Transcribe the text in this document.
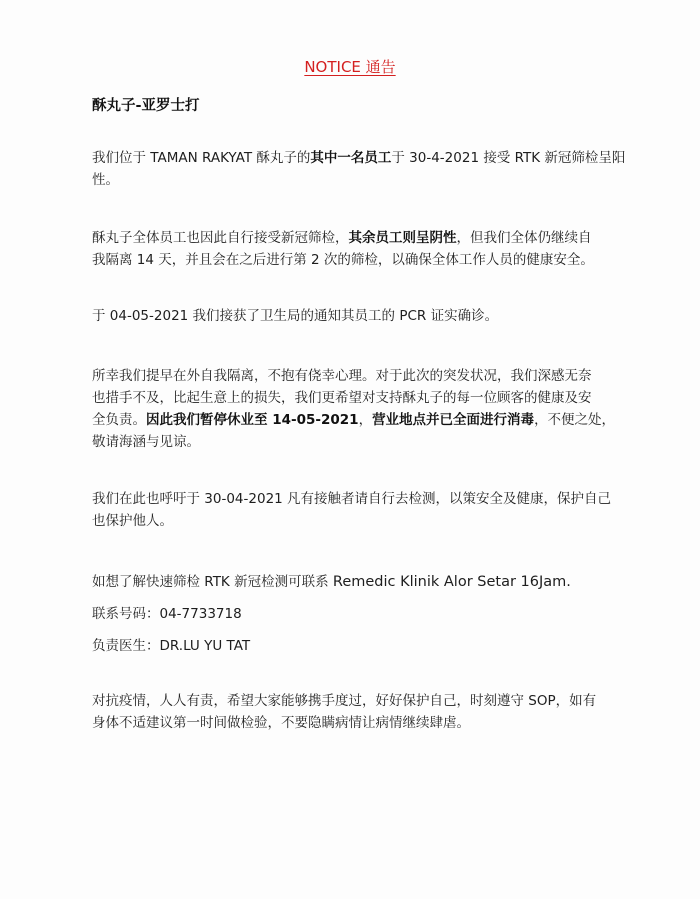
NOTICE 通告
酥丸子-亚罗士打
我们位于 TAMAN RAKYAT 酥丸子的其中一名员工于 30-4-2021 接受 RTK 新冠筛检呈阳
性。
酥丸子全体员工也因此自行接受新冠筛检，其余员工则呈阴性，但我们全体仍继续自
我隔离 14 天，并且会在之后进行第 2 次的筛检，以确保全体工作人员的健康安全。
于 04-05-2021 我们接获了卫生局的通知其员工的 PCR 证实确诊。
所幸我们提早在外自我隔离，不抱有侥幸心理。对于此次的突发状况，我们深感无奈
也措手不及，比起生意上的损失，我们更希望对支持酥丸子的每一位顾客的健康及安
全负责。因此我们暂停休业至 14-05-2021，营业地点并已全面进行消毒，不便之处，
敬请海涵与见谅。
我们在此也呼吁于 30-04-2021 凡有接触者请自行去检测，以策安全及健康，保护自己
也保护他人。
如想了解快速筛检 RTK 新冠检测可联系 Remedic Klinik Alor Setar 16Jam.
联系号码：04-7733718
负责医生：DR.LU YU TAT
对抗疫情，人人有责，希望大家能够携手度过，好好保护自己，时刻遵守 SOP，如有
身体不适建议第一时间做检验，不要隐瞒病情让病情继续肆虐。
